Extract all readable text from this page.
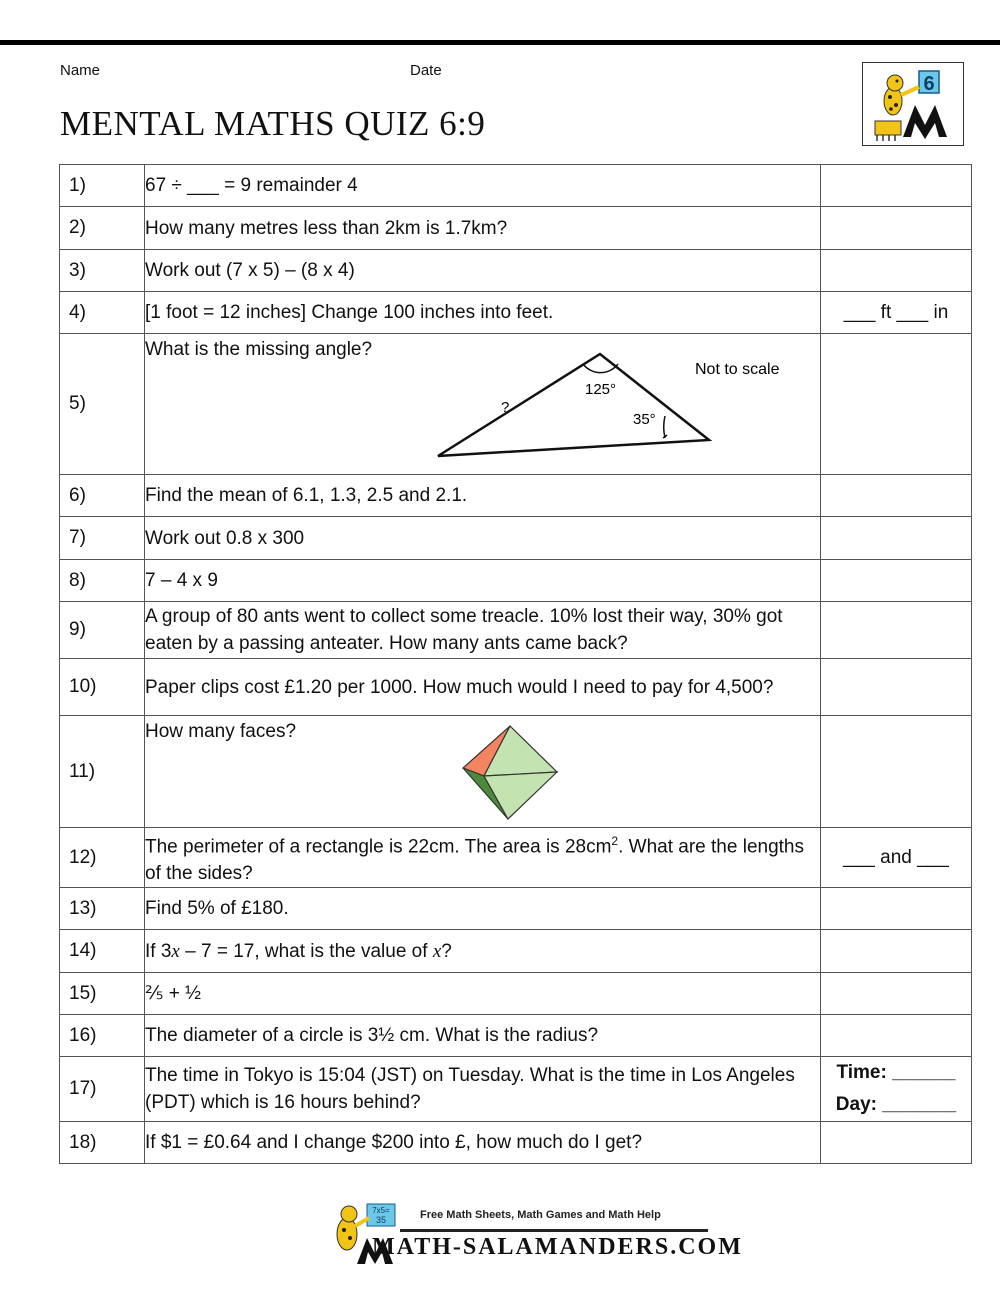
Name	Date
MENTAL MATHS QUIZ 6:9
6
1)	67 ÷ ___ = 9 remainder 4	
2)	How many metres less than 2km is 1.7km?	
3)	Work out (7 x 5) – (8 x 4)	
4)	[1 foot = 12 inches] Change 100 inches into feet.	___ ft ___ in
5)	What is the missing angle?
125°
35°
?
Not to scale	

6)	Find the mean of 6.1, 1.3, 2.5 and 2.1.	
7)	Work out 0.8 x 300	
8)	7 – 4 x 9	
9)	A group of 80 ants went to collect some treacle. 10% lost their way, 30% got eaten by a passing anteater. How many ants came back?	
10)	Paper clips cost £1.20 per 1000. How much would I need to pay for 4,500?	
11)	How many faces?	

12)	The perimeter of a rectangle is 22cm. The area is $28cm^2$. What are the lengths of the sides?	___ and ___
13)	Find 5% of £180.	
14)	If 3x – 7 = 17, what is the value of x?	
15)	⅖ + ½	
16)	The diameter of a circle is 3½ cm. What is the radius?	
17)	The time in Tokyo is 15:04 (JST) on Tuesday. What is the time in Los Angeles (PDT) which is 16 hours behind?	Time: ______
Day: _______

18)	If $1 = £0.64 and I change $200 into £, how much do I get?	
7x5=
35	Free Math Sheets, Math Games and Math Help
MATH-SALAMANDERS.COM
